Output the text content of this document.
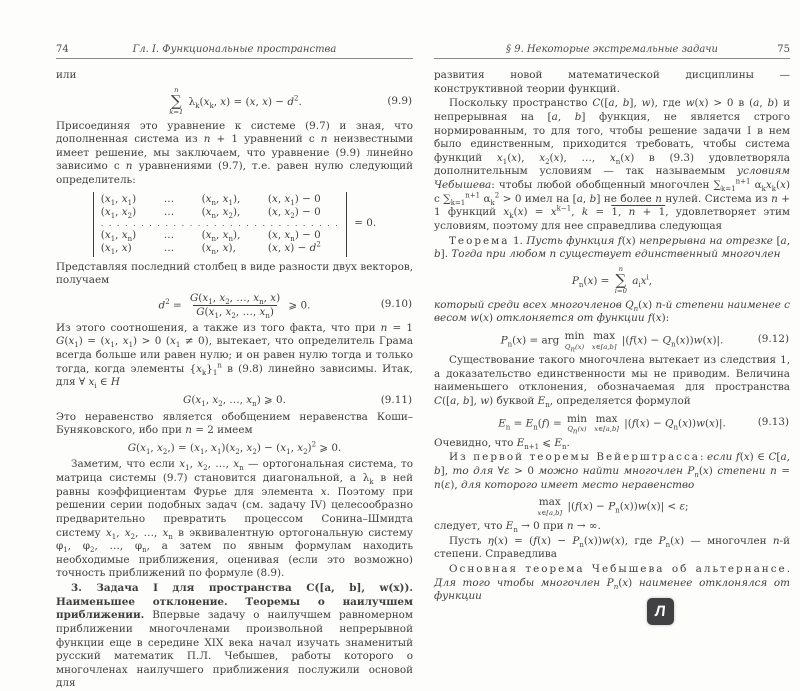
74	Гл. I. Функциональные пространства

или

n
∑
k=1
$\lambda_k(x_k$, x) = (x, $x) - d^2$.	(9.9)

Присоединяя это уравнение к системе (9.7) и зная, что дополненная система из n + 1 уравнений с n неизвестными имеет решение, мы заключаем, что уравнение (9.9) линейно зависимо с n уравнениями (9.7), т.е. равен нулю следующий определитель:

($x_1$, $x_1$)	…	($x_n$, $x_1$),	(x, $x_1) - 0$
($x_1$, $x_2$)	…	($x_n$, $x_2$),	(x, $x_2) - 0$
. . . . . . . . . . . . . . . . . . . . . . . . . . . . . .
($x_1$, $x_n$)	…	($x_n$, $x_n$),	(x, $x_n) - 0$
($x_1$, x)	…	($x_n$, x),	(x, $x) - d^2$
= 0.

Представляя последний столбец в виде разности двух векторов, получаем

$d^2 = \frac{G(x_1, x_2, \dots, x_n, x)}{G(x_1, x_2, \dots, x_n)}$ ⩾ 0.	(9.10)

Из этого соотношения, а также из того факта, что при n = 1 $G(x_1) = (x_1$, $x_1) > 0$ $(x_1 \ne 0)$, вытекает, что определитель Грама всегда больше или равен нулю; и он равен нулю тогда и только тогда, когда элементы $\{x_k\}_1^n$ в (9.8) линейно зависимы. Итак, для ∀ $x_i$ ∈ H

$G(x_1$, $x_2$, …, $x_n$) ⩾ 0.	(9.11)

Это неравенство является обобщением неравенства Коши–Буняковского, ибо при n = 2 имеем

$G(x_1$, $x_2,) = (x_1$, $x_1)(x_2$, $x_2) - (x_1$, $x_2)^2$ ⩾ 0.

Заметим, что если $x_1$, $x_2$, …, $x_n$ — ортогональная система, то матрица системы (9.7) становится диагональной, а $\lambda_k$ в ней равны коэффициентам Фурье для элемента x. Поэтому при решении серии подобных задач (см. задачу IV) целесообразно предварительно превратить процессом Сонина–Шмидта систему $x_1$, $x_2$, …, $x_n$ в эквивалентную ортогональную систему $\varphi_1$, $\varphi_2$, …, $\varphi_n$, а затем по явным формулам находить необходимые приближения, оценивая (если это возможно) точность приближений по формуле (8.9).

3. Задача I для пространства C([a, b], w(x)). Наименьшее отклонение. Теоремы о наилучшем приближении. Впервые задачу о наилучшем равномерном приближении многочленами произвольной непрерывной функции еще в середине XIX века начал изучать знаменитый русский математик П.Л. Чебышев, работы которого о многочленах наилучшего приближения послужили основой для

§ 9. Некоторые экстремальные задачи	75

развития новой математической дисциплины — конструктивной теории функций.

Поскольку пространство C([a, b], w), где w(x) > 0 в (a, b) и непрерывная на [a, b] функция, не является строго нормированным, то для того, чтобы решение задачи I в нем было единственным, приходится требовать, чтобы система функций $x_1(x)$, $x_2(x)$, …, $x_n(x)$ в (9.3) удовлетворяла дополнительным условиям — так называемым условиям Чебышева: чтобы любой обобщенный многочлен $\sum_{k=1}^{n+1}$ $\alpha_kx_k(x)$ с $\sum_{k=1}^{n+1}$ $\alpha_k^2 > 0$ имел на [a, b] не более n нулей. Система из n + 1 функций $x_k(x) = x^{k-1}$, k = 1, n + 1, удовлетворяет этим условиям, поэтому для нее справедлива следующая

Теорема 1. Пусть функция f(x) непрерывна на отрезке [a, b]. Тогда при любом n существует единственный многочлен

$P_n(x)$ =
n
∑
i=0
$a_ix^i$,

который среди всех многочленов $Q_n(x)$ n-й степени наименее с весом w(x) отклоняется от функции f(x):

$P_n(x)$ = arg min
$Q_n(x)$
max
x∈[a,b]
$|(f(x) - Q_n(x))w(x)|$.	(9.12)

Существование такого многочлена вытекает из следствия 1, а доказательство единственности мы не приводим. Величина наименьшего отклонения, обозначаемая для пространства C([a, b], w) буквой $E_n$, определяется формулой

$E_n = E_n(f) = \min$
$Q_n(x)$
max
x∈[a,b]
$|(f(x) - Q_n(x))w(x)|$.	(9.13)

Очевидно, что $E_{n+1}$ ⩽ $E_n$.

Из первой теоремы Вейерштрасса: если f(x) ∈ C[a, b], то для ∀ε > 0 можно найти многочлен $P_n(x)$ степени n = n(ε), для которого имеет место неравенство

max
x∈[a,b]
$|(f(x) - P_n(x))w(x)| < \varepsilon$;

следует, что $E_n \to 0$ при n → ∞.

Пусть $\eta(x) = (f(x) - P_n(x))w(x)$, где $P_n(x)$ — многочлен n-й степени. Справедлива

Основная теорема Чебышева об альтернансе. Для того чтобы многочлен $P_n(x)$ наименее отклонялся от функции

Л
